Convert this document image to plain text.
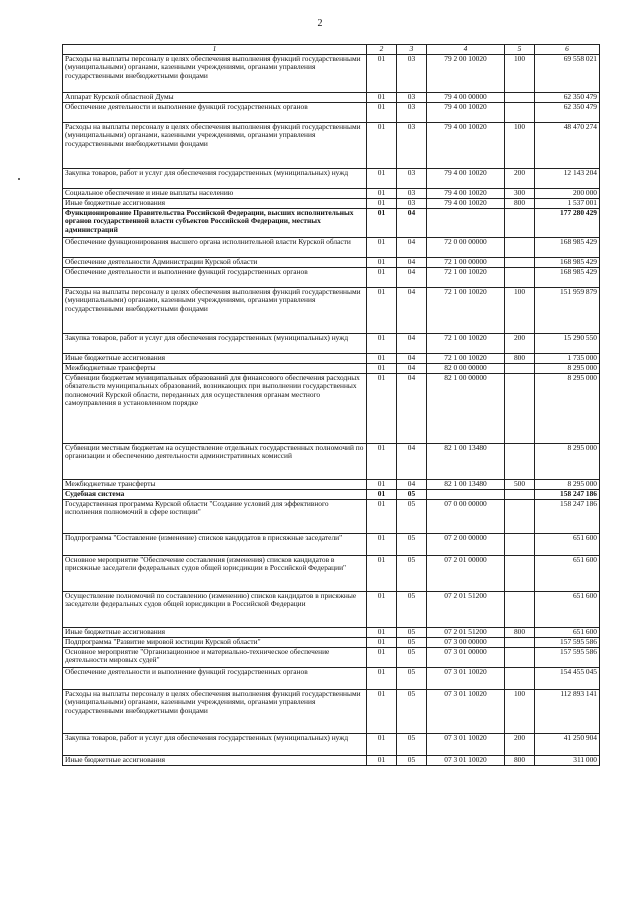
2
1	2	3	4	5	6
Расходы на выплаты персоналу в целях обеспечения выполнения функций государственными (муниципальными) органами, казенными учреждениями, органами управления государственными внебюджетными фондами	01	03	79 2 00 10020	100	69 558 021
Аппарат Курской областной Думы	01	03	79 4 00 00000		62 350 479
Обеспечение деятельности и выполнение функций государственных органов	01	03	79 4 00 10020		62 350 479
Расходы на выплаты персоналу в целях обеспечения выполнения функций государственными (муниципальными) органами, казенными учреждениями, органами управления государственными внебюджетными фондами	01	03	79 4 00 10020	100	48 470 274
Закупка товаров, работ и услуг для обеспечения государственных (муниципальных) нужд	01	03	79 4 00 10020	200	12 143 204
Социальное обеспечение и иные выплаты населению	01	03	79 4 00 10020	300	200 000
Иные бюджетные ассигнования	01	03	79 4 00 10020	800	1 537 001
Функционирование Правительства Российской Федерации, высших исполнительных органов государственной власти субъектов Российской Федерации, местных администраций	01	04			177 280 429
Обеспечение функционирования высшего органа исполнительной власти Курской области	01	04	72 0 00 00000		168 985 429
Обеспечение деятельности Администрации Курской области	01	04	72 1 00 00000		168 985 429
Обеспечение деятельности и выполнение функций государственных органов	01	04	72 1 00 10020		168 985 429
Расходы на выплаты персоналу в целях обеспечения выполнения функций государственными (муниципальными) органами, казенными учреждениями, органами управления государственными внебюджетными фондами	01	04	72 1 00 10020	100	151 959 879
Закупка товаров, работ и услуг для обеспечения государственных (муниципальных) нужд	01	04	72 1 00 10020	200	15 290 550
Иные бюджетные ассигнования	01	04	72 1 00 10020	800	1 735 000
Межбюджетные трансферты	01	04	82 0 00 00000		8 295 000
Субвенции бюджетам муниципальных образований для финансового обеспечения расходных обязательств муниципальных образований, возникающих при выполнении государственных полномочий Курской области, переданных для осуществления органам местного самоуправления в установленном порядке	01	04	82 1 00 00000		8 295 000
Субвенции местным бюджетам на осуществление отдельных государственных полномочий по организации и обеспечению деятельности административных комиссий	01	04	82 1 00 13480		8 295 000
Межбюджетные трансферты	01	04	82 1 00 13480	500	8 295 000
Судебная система	01	05			158 247 186
Государственная программа Курской области "Создание условий для эффективного исполнения полномочий в сфере юстиции"	01	05	07 0 00 00000		158 247 186
Подпрограмма "Составление (изменение) списков кандидатов в присяжные заседатели"	01	05	07 2 00 00000		651 600
Основное мероприятие "Обеспечение составления (изменения) списков кандидатов в присяжные заседатели федеральных судов общей юрисдикции в Российской Федерации"	01	05	07 2 01 00000		651 600
Осуществление полномочий по составлению (изменению) списков кандидатов в присяжные заседатели федеральных судов общей юрисдикции в Российской Федерации	01	05	07 2 01 51200		651 600
Иные бюджетные ассигнования	01	05	07 2 01 51200	800	651 600
Подпрограмма "Развитие мировой юстиции Курской области"	01	05	07 3 00 00000		157 595 586
Основное мероприятие "Организационное и материально-техническое обеспечение деятельности мировых судей"	01	05	07 3 01 00000		157 595 586
Обеспечение деятельности и выполнение функций государственных органов	01	05	07 3 01 10020		154 455 045
Расходы на выплаты персоналу в целях обеспечения выполнения функций государственными (муниципальными) органами, казенными учреждениями, органами управления государственными внебюджетными фондами	01	05	07 3 01 10020	100	112 893 141
Закупка товаров, работ и услуг для обеспечения государственных (муниципальных) нужд	01	05	07 3 01 10020	200	41 250 904
Иные бюджетные ассигнования	01	05	07 3 01 10020	800	311 000
